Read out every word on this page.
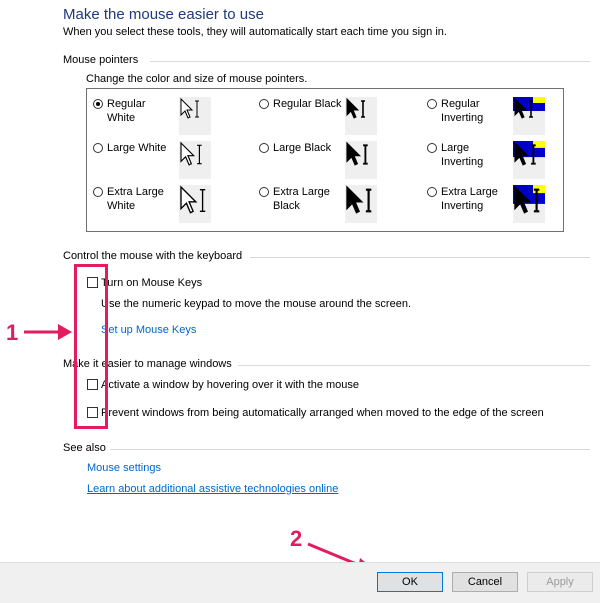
Make the mouse easier to use
When you select these tools, they will automatically start each time you sign in.
Mouse pointers
Change the color and size of mouse pointers.
Regular
White
Regular Black	Regular
Inverting
Large White	Large Black	Large
Inverting
Extra Large
White
Extra Large
Black
Extra Large
Inverting
Control the mouse with the keyboard
Turn on Mouse Keys
Use the numeric keypad to move the mouse around the screen.
Set up Mouse Keys
Make it easier to manage windows
Activate a window by hovering over it with the mouse
Prevent windows from being automatically arranged when moved to the edge of the screen
See also
Mouse settings
Learn about additional assistive technologies online
1
2
OK	Cancel	Apply
